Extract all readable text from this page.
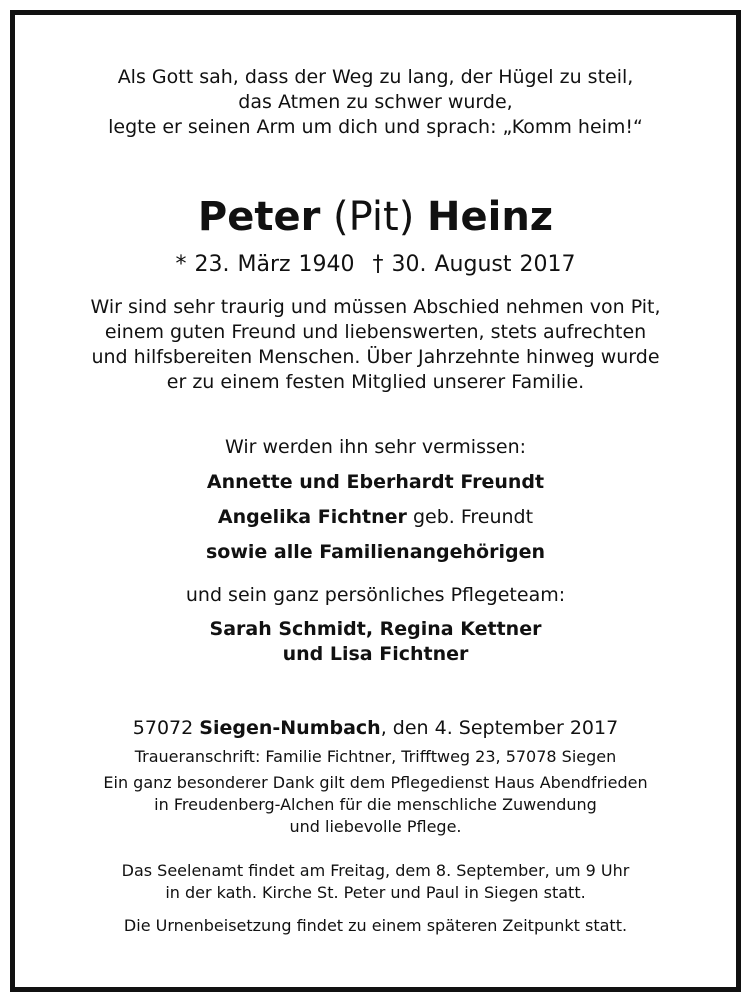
Als Gott sah, dass der Weg zu lang, der Hügel zu steil,
das Atmen zu schwer wurde,
legte er seinen Arm um dich und sprach: „Komm heim!“
Peter (Pit) Heinz
* 23. März 1940 † 30. August 2017
Wir sind sehr traurig und müssen Abschied nehmen von Pit,
einem guten Freund und liebenswerten, stets aufrechten
und hilfsbereiten Menschen. Über Jahrzehnte hinweg wurde
er zu einem festen Mitglied unserer Familie.
Wir werden ihn sehr vermissen:
Annette und Eberhardt Freundt
Angelika Fichtner geb. Freundt
sowie alle Familienangehörigen
und sein ganz persönliches Pflegeteam:
Sarah Schmidt, Regina Kettner
und Lisa Fichtner
57072 Siegen-Numbach, den 4. September 2017
Traueranschrift: Familie Fichtner, Trifftweg 23, 57078 Siegen
Ein ganz besonderer Dank gilt dem Pflegedienst Haus Abendfrieden
in Freudenberg-Alchen für die menschliche Zuwendung
und liebevolle Pflege.
Das Seelenamt findet am Freitag, dem 8. September, um 9 Uhr
in der kath. Kirche St. Peter und Paul in Siegen statt.
Die Urnenbeisetzung findet zu einem späteren Zeitpunkt statt.
